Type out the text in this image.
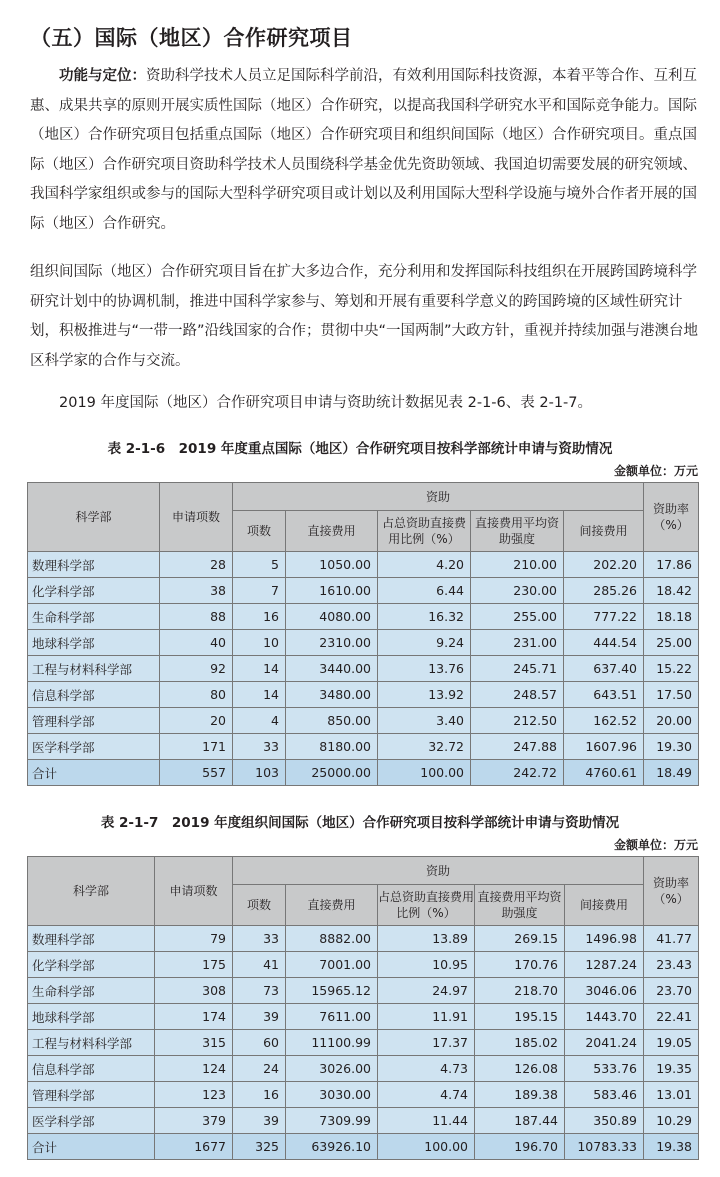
（五）国际（地区）合作研究项目

功能与定位：资助科学技术人员立足国际科学前沿，有效利用国际科技资源，本着平等合作、互利互惠、成果共享的原则开展实质性国际（地区）合作研究，以提高我国科学研究水平和国际竞争能力。国际（地区）合作研究项目包括重点国际（地区）合作研究项目和组织间国际（地区）合作研究项目。重点国际（地区）合作研究项目资助科学技术人员围绕科学基金优先资助领域、我国迫切需要发展的研究领域、我国科学家组织或参与的国际大型科学研究项目或计划以及利用国际大型科学设施与境外合作者开展的国际（地区）合作研究。

组织间国际（地区）合作研究项目旨在扩大多边合作，充分利用和发挥国际科技组织在开展跨国跨境科学研究计划中的协调机制，推进中国科学家参与、筹划和开展有重要科学意义的跨国跨境的区域性研究计划，积极推进与“一带一路”沿线国家的合作；贯彻中央“一国两制”大政方针，重视并持续加强与港澳台地区科学家的合作与交流。

2019 年度国际（地区）合作研究项目申请与资助统计数据见表 2-1-6、表 2-1-7。

表 2-1-6　2019 年度重点国际（地区）合作研究项目按科学部统计申请与资助情况
金额单位：万元
科学部	申请项数	资助					资助率（%）
		项数	直接费用	占总资助直接费用比例（%）	直接费用平均资助强度	间接费用	
数理科学部	28	5	1050.00	4.20	210.00	202.20	17.86
化学科学部	38	7	1610.00	6.44	230.00	285.26	18.42
生命科学部	88	16	4080.00	16.32	255.00	777.22	18.18
地球科学部	40	10	2310.00	9.24	231.00	444.54	25.00
工程与材料科学部	92	14	3440.00	13.76	245.71	637.40	15.22
信息科学部	80	14	3480.00	13.92	248.57	643.51	17.50
管理科学部	20	4	850.00	3.40	212.50	162.52	20.00
医学科学部	171	33	8180.00	32.72	247.88	1607.96	19.30
合计	557	103	25000.00	100.00	242.72	4760.61	18.49
表 2-1-7　2019 年度组织间国际（地区）合作研究项目按科学部统计申请与资助情况
金额单位：万元
科学部	申请项数	资助					资助率（%）
		项数	直接费用	占总资助直接费用比例（%）	直接费用平均资助强度	间接费用	
数理科学部	79	33	8882.00	13.89	269.15	1496.98	41.77
化学科学部	175	41	7001.00	10.95	170.76	1287.24	23.43
生命科学部	308	73	15965.12	24.97	218.70	3046.06	23.70
地球科学部	174	39	7611.00	11.91	195.15	1443.70	22.41
工程与材料科学部	315	60	11100.99	17.37	185.02	2041.24	19.05
信息科学部	124	24	3026.00	4.73	126.08	533.76	19.35
管理科学部	123	16	3030.00	4.74	189.38	583.46	13.01
医学科学部	379	39	7309.99	11.44	187.44	350.89	10.29
合计	1677	325	63926.10	100.00	196.70	10783.33	19.38
